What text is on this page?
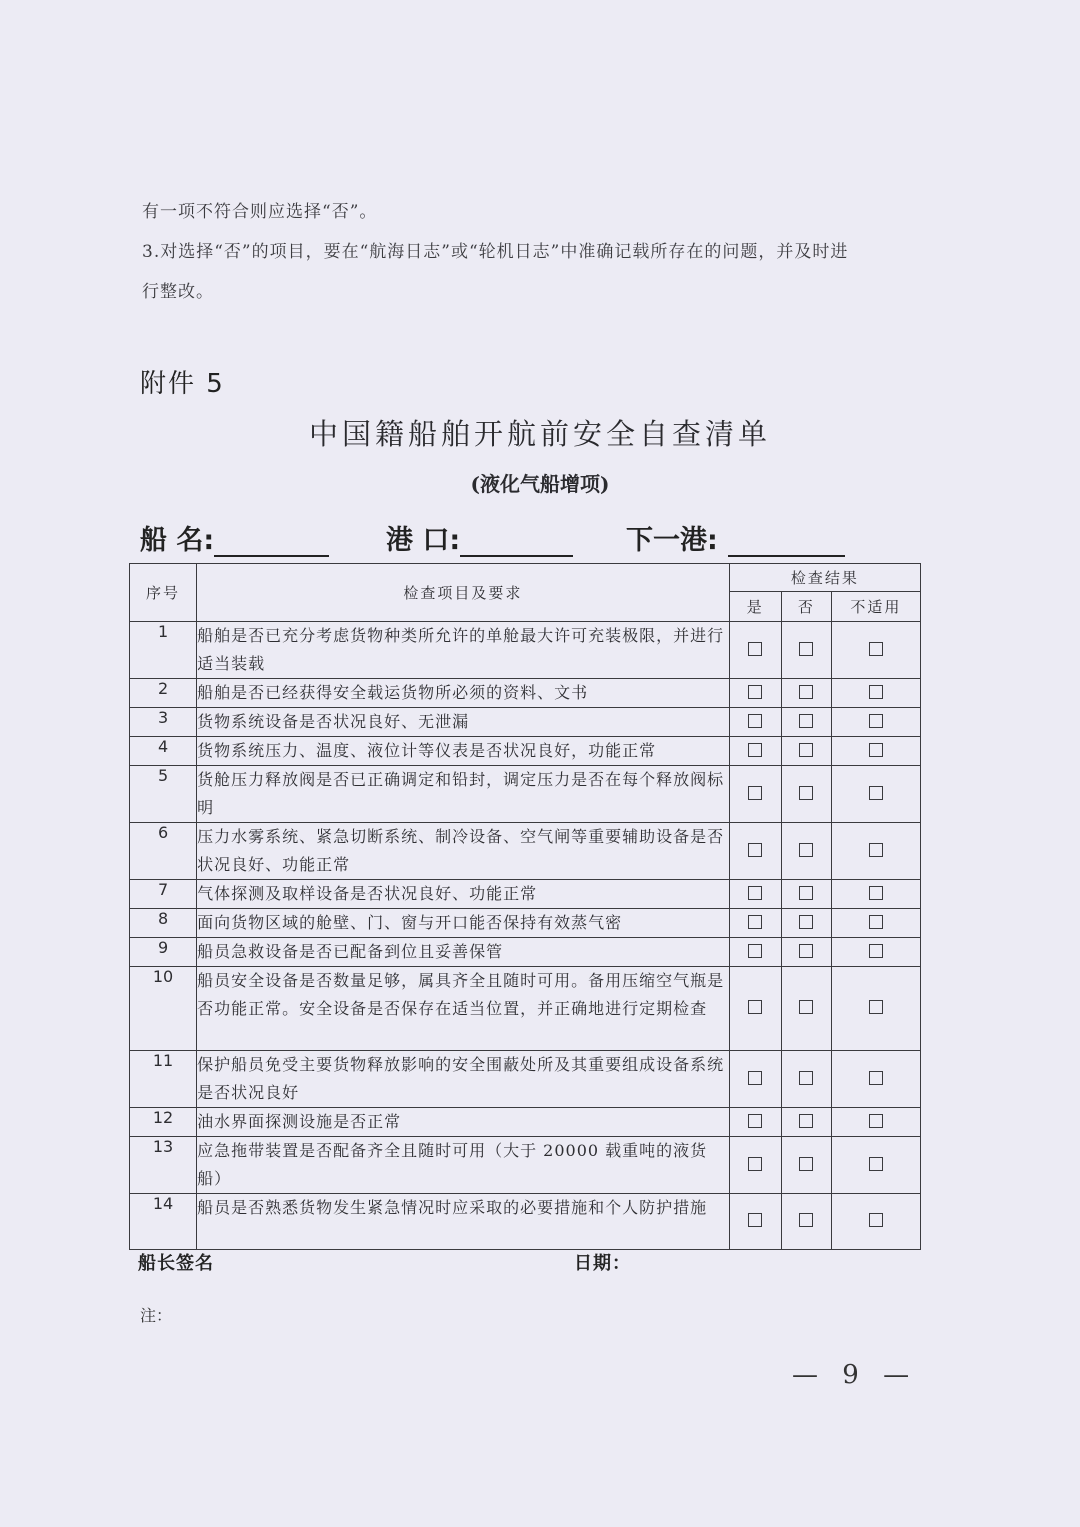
有一项不符合则应选择“否”。
3.对选择“否”的项目，要在“航海日志”或“轮机日志”中准确记载所存在的问题，并及时进
行整改。
附件 5
中国籍船舶开航前安全自查清单
(液化气船增项)
船 名:	港 口:	下一港:
序号	检查项目及要求	检查结果		
		是	否	不适用
1	船舶是否已充分考虑货物种类所允许的单舱最大许可充装极限，并进行适当装载			
2	船舶是否已经获得安全载运货物所必须的资料、文书			
3	货物系统设备是否状况良好、无泄漏			
4	货物系统压力、温度、液位计等仪表是否状况良好，功能正常			
5	货舱压力释放阀是否已正确调定和铅封，调定压力是否在每个释放阀标明			
6	压力水雾系统、紧急切断系统、制冷设备、空气闸等重要辅助设备是否状况良好、功能正常			
7	气体探测及取样设备是否状况良好、功能正常			
8	面向货物区域的舱壁、门、窗与开口能否保持有效蒸气密			
9	船员急救设备是否已配备到位且妥善保管			
10	船员安全设备是否数量足够，属具齐全且随时可用。备用压缩空气瓶是否功能正常。安全设备是否保存在适当位置，并正确地进行定期检查			
11	保护船员免受主要货物释放影响的安全围蔽处所及其重要组成设备系统是否状况良好			
12	油水界面探测设施是否正常			
13	应急拖带装置是否配备齐全且随时可用（大于 20000 载重吨的液货船）			
14	船员是否熟悉货物发生紧急情况时应采取的必要措施和个人防护措施			
船长签名	日期：
注：
— 9 —
